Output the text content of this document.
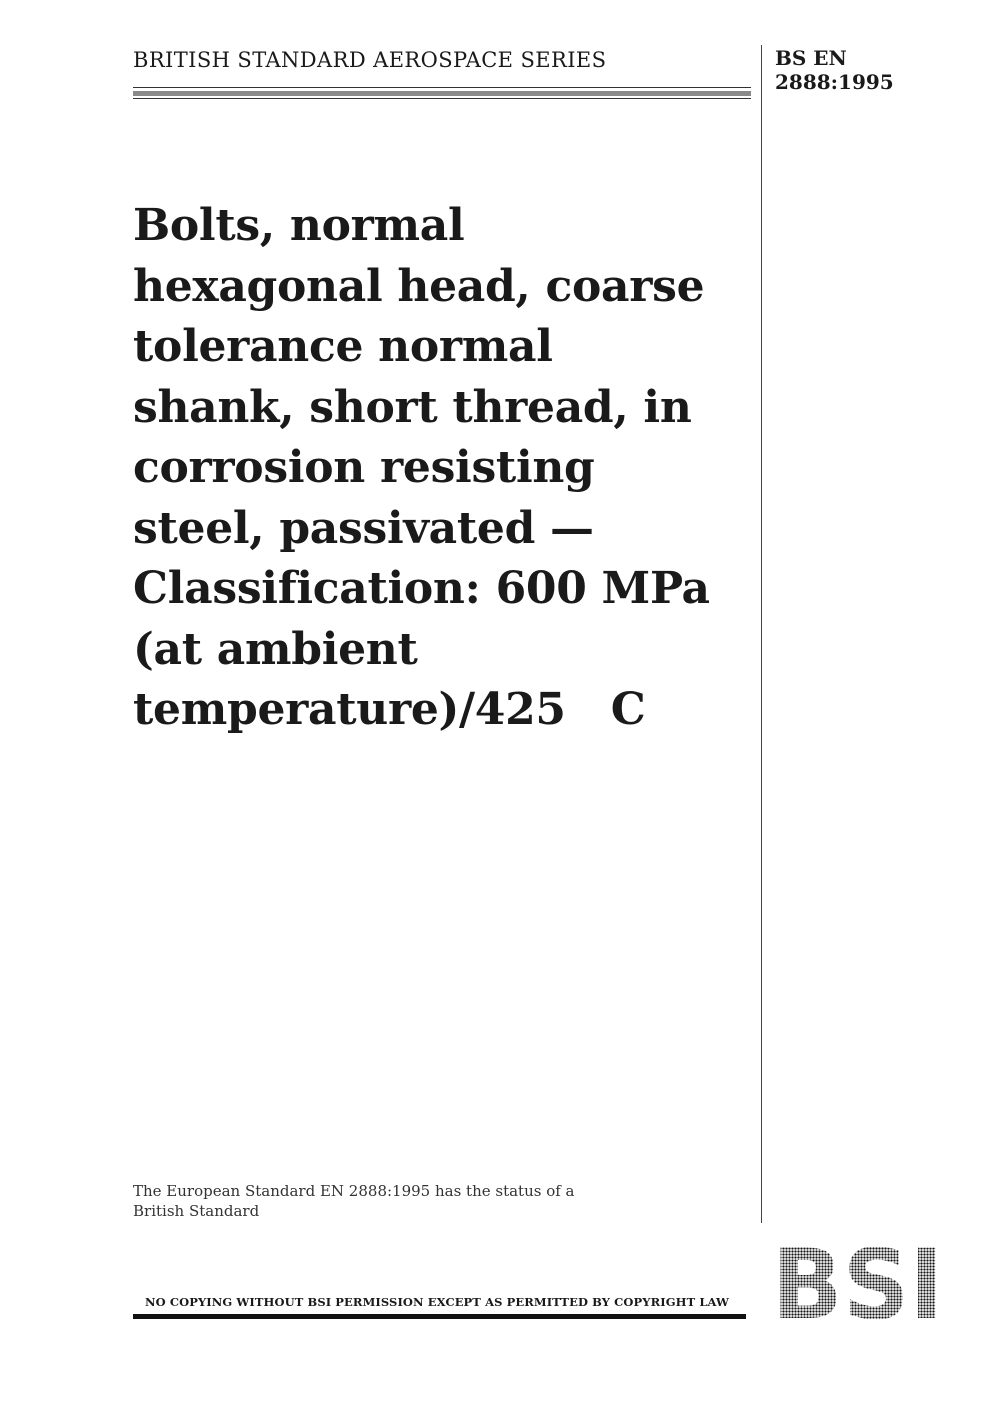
BRITISH STANDARD AEROSPACE SERIES	BS EN
2888:1995
Bolts, normal
hexagonal head, coarse
tolerance normal
shank, short thread, in
corrosion resisting
steel, passivated —
Classification: 600 MPa
(at ambient
temperature)/425   C
The European Standard EN 2888:1995 has the status of a
British Standard
NO COPYING WITHOUT BSI PERMISSION EXCEPT AS PERMITTED BY COPYRIGHT LAW BSI
